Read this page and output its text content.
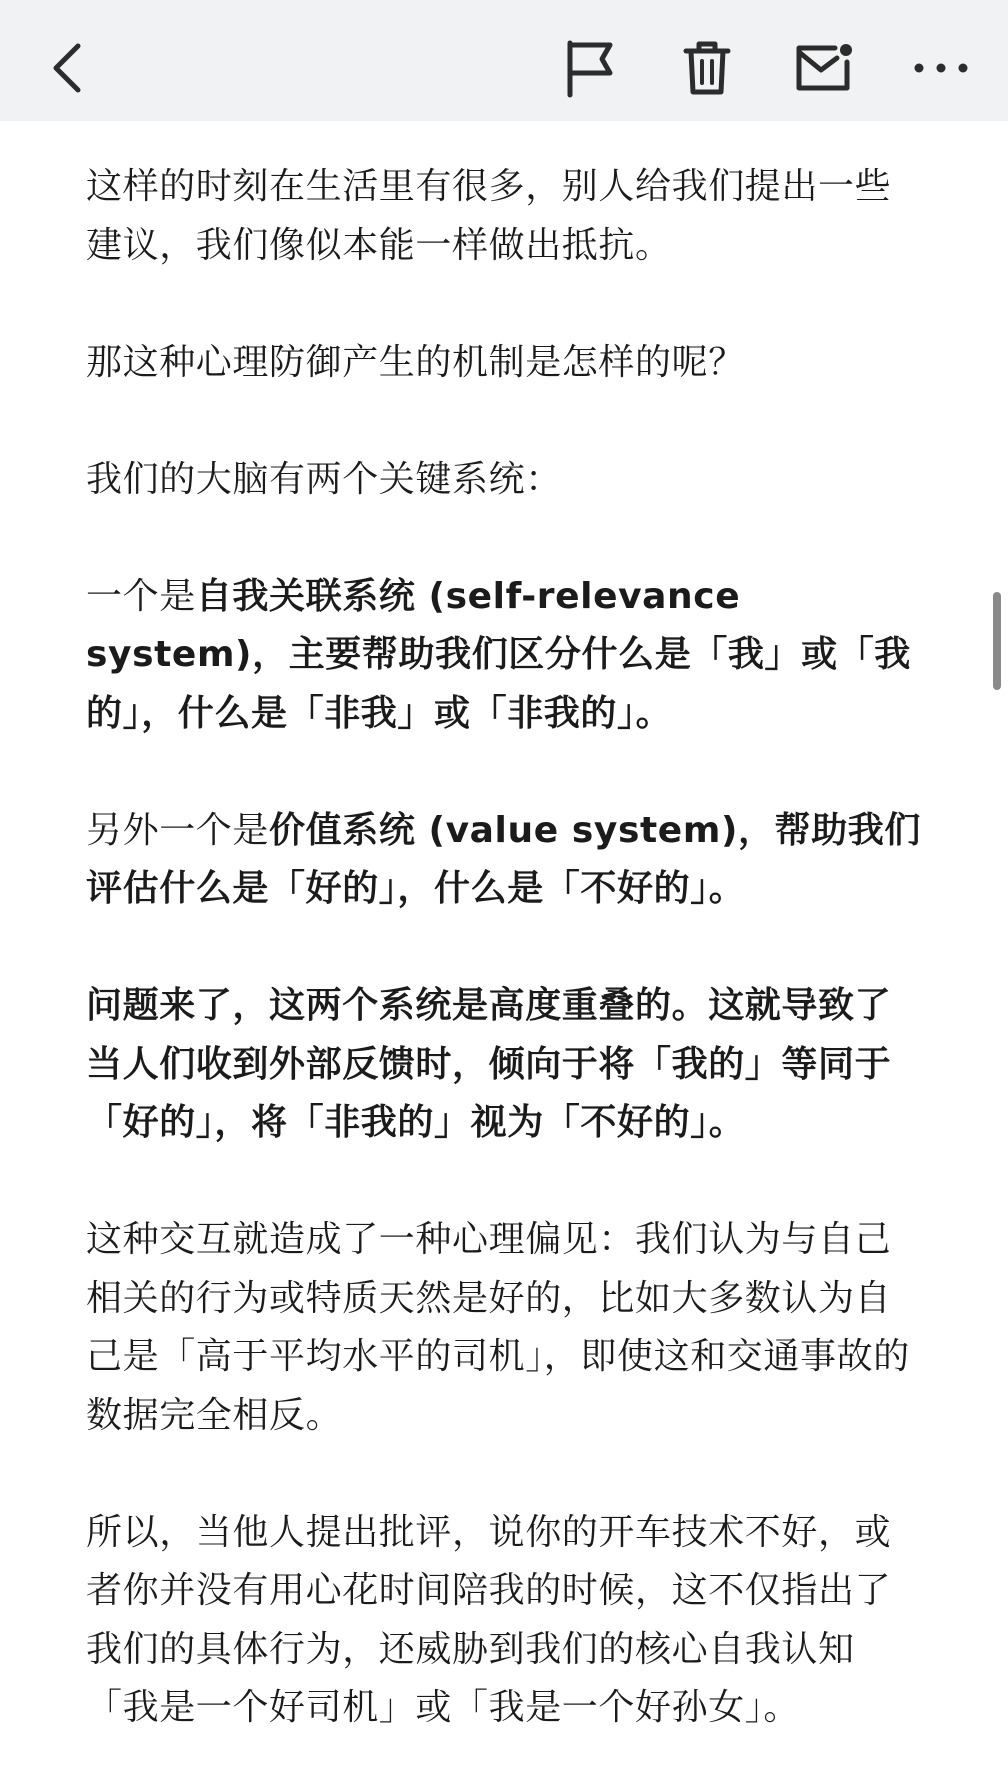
这样的时刻在生活里有很多，别人给我们提出一些建议，我们像似本能一样做出抵抗。

那这种心理防御产生的机制是怎样的呢？

我们的大脑有两个关键系统：

一个是自我关联系统 (self-relevance system)，主要帮助我们区分什么是「我」或「我的」，什么是「非我」或「非我的」。

另外一个是价值系统 (value system)，帮助我们评估什么是「好的」，什么是「不好的」。

问题来了，这两个系统是高度重叠的。这就导致了当人们收到外部反馈时，倾向于将「我的」等同于「好的」，将「非我的」视为「不好的」。

这种交互就造成了一种心理偏见：我们认为与自己相关的行为或特质天然是好的，比如大多数认为自己是「高于平均水平的司机」，即使这和交通事故的数据完全相反。

所以，当他人提出批评，说你的开车技术不好，或者你并没有用心花时间陪我的时候，这不仅指出了我们的具体行为，还威胁到我们的核心自我认知「我是一个好司机」或「我是一个好孙女」。
